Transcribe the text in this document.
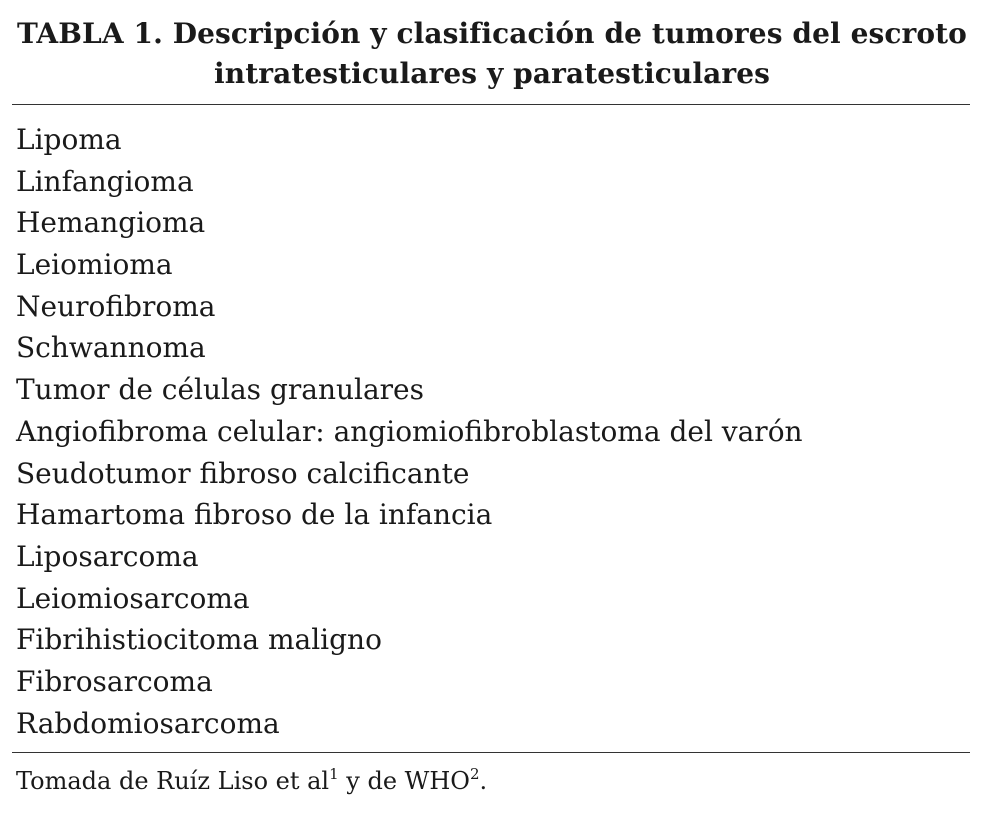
TABLA 1. Descripción y clasificación de tumores del escroto
intratesticulares y paratesticulares
Lipoma
Linfangioma
Hemangioma
Leiomioma
Neurofibroma
Schwannoma
Tumor de células granulares
Angiofibroma celular: angiomiofibroblastoma del varón
Seudotumor fibroso calcificante
Hamartoma fibroso de la infancia
Liposarcoma
Leiomiosarcoma
Fibrihistiocitoma maligno
Fibrosarcoma
Rabdomiosarcoma
Tomada de Ruíz Liso et $al^1$ y de WHO$^2$.
